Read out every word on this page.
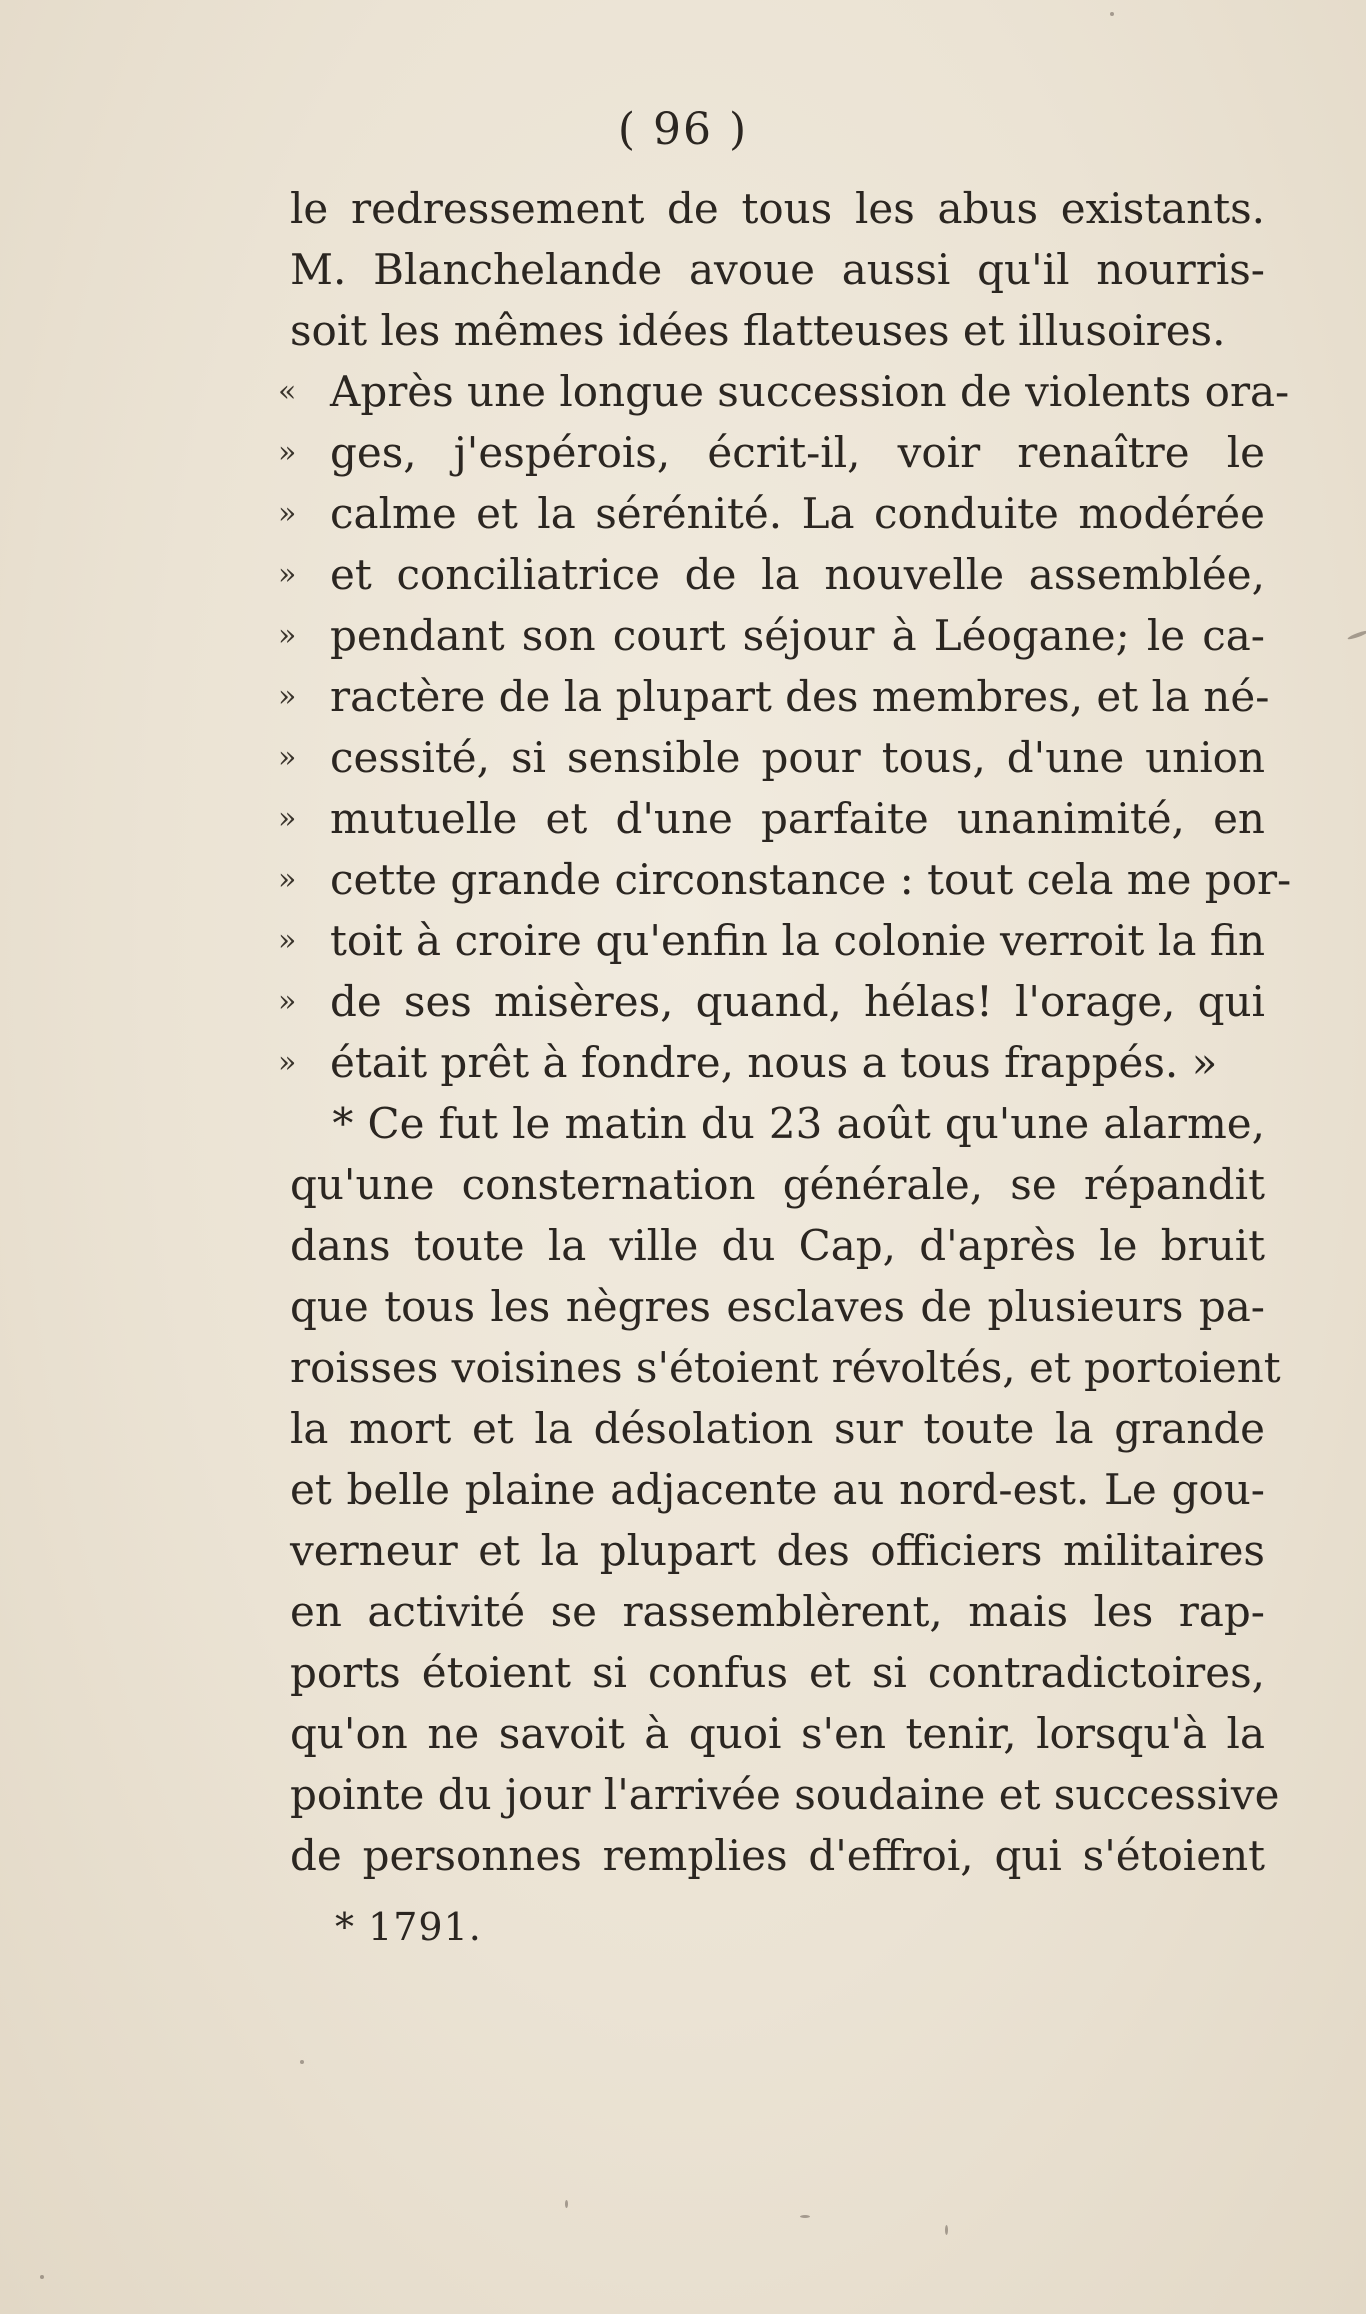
( 96 )
le redressement de tous les abus existants.
M. Blanchelande avoue aussi qu'il nourris-
soit les mêmes idées flatteuses et illusoires.
« Après une longue succession de violents ora-
» ges, j'espérois, écrit-il, voir renaître le
» calme et la sérénité. La conduite modérée
» et conciliatrice de la nouvelle assemblée,
» pendant son court séjour à Léogane; le ca-
» ractère de la plupart des membres, et la né-
» cessité, si sensible pour tous, d'une union
» mutuelle et d'une parfaite unanimité, en
» cette grande circonstance : tout cela me por-
» toit à croire qu'enfin la colonie verroit la fin
» de ses misères, quand, hélas! l'orage, qui
» était prêt à fondre, nous a tous frappés. »
* Ce fut le matin du 23 août qu'une alarme,
qu'une consternation générale, se répandit
dans toute la ville du Cap, d'après le bruit
que tous les nègres esclaves de plusieurs pa-
roisses voisines s'étoient révoltés, et portoient
la mort et la désolation sur toute la grande
et belle plaine adjacente au nord-est. Le gou-
verneur et la plupart des officiers militaires
en activité se rassemblèrent, mais les rap-
ports étoient si confus et si contradictoires,
qu'on ne savoit à quoi s'en tenir, lorsqu'à la
pointe du jour l'arrivée soudaine et successive
de personnes remplies d'effroi, qui s'étoient
* 1791.
